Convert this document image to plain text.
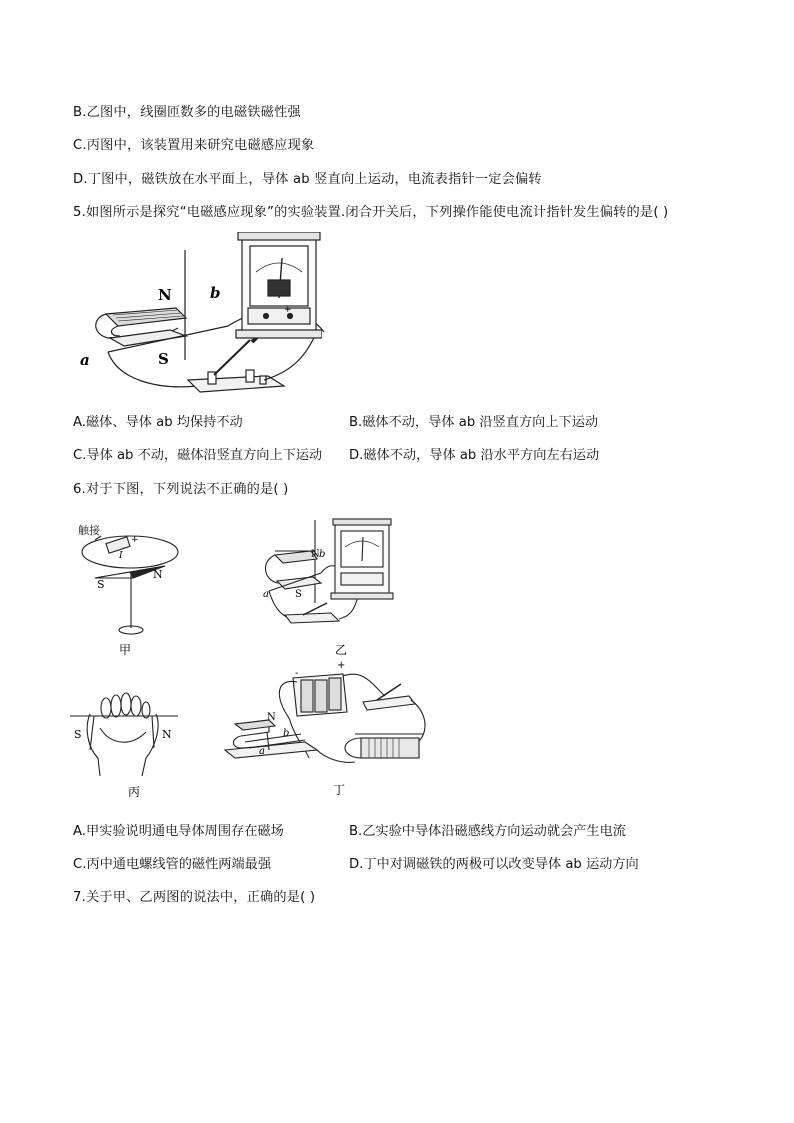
B.乙图中，线圈匝数多的电磁铁磁性强
C.丙图中，该装置用来研究电磁感应现象
D.丁图中，磁铁放在水平面上，导体 ab 竖直向上运动，电流表指针一定会偏转
5.如图所示是探究“电磁感应现象”的实验装置.闭合开关后，下列操作能使电流计指针发生偏转的是( )
N
S
a
b
+
A.磁体、导体 ab 均保持不动	B.磁体不动，导体 ab 沿竖直方向上下运动
C.导体 ab 不动，磁体沿竖直方向上下运动 D.磁体不动，导体 ab 沿水平方向左右运动
6.对于下图，下列说法不正确的是( )
触接
+
I
S
N
甲
N
S
b
a
-
+
乙
N
b
a
丁
S	N
丙
A.甲实验说明通电导体周围存在磁场	B.乙实验中导体沿磁感线方向运动就会产生电流
C.丙中通电螺线管的磁性两端最强	D.丁中对调磁铁的两极可以改变导体 ab 运动方向
7.关于甲、乙两图的说法中，正确的是( )
